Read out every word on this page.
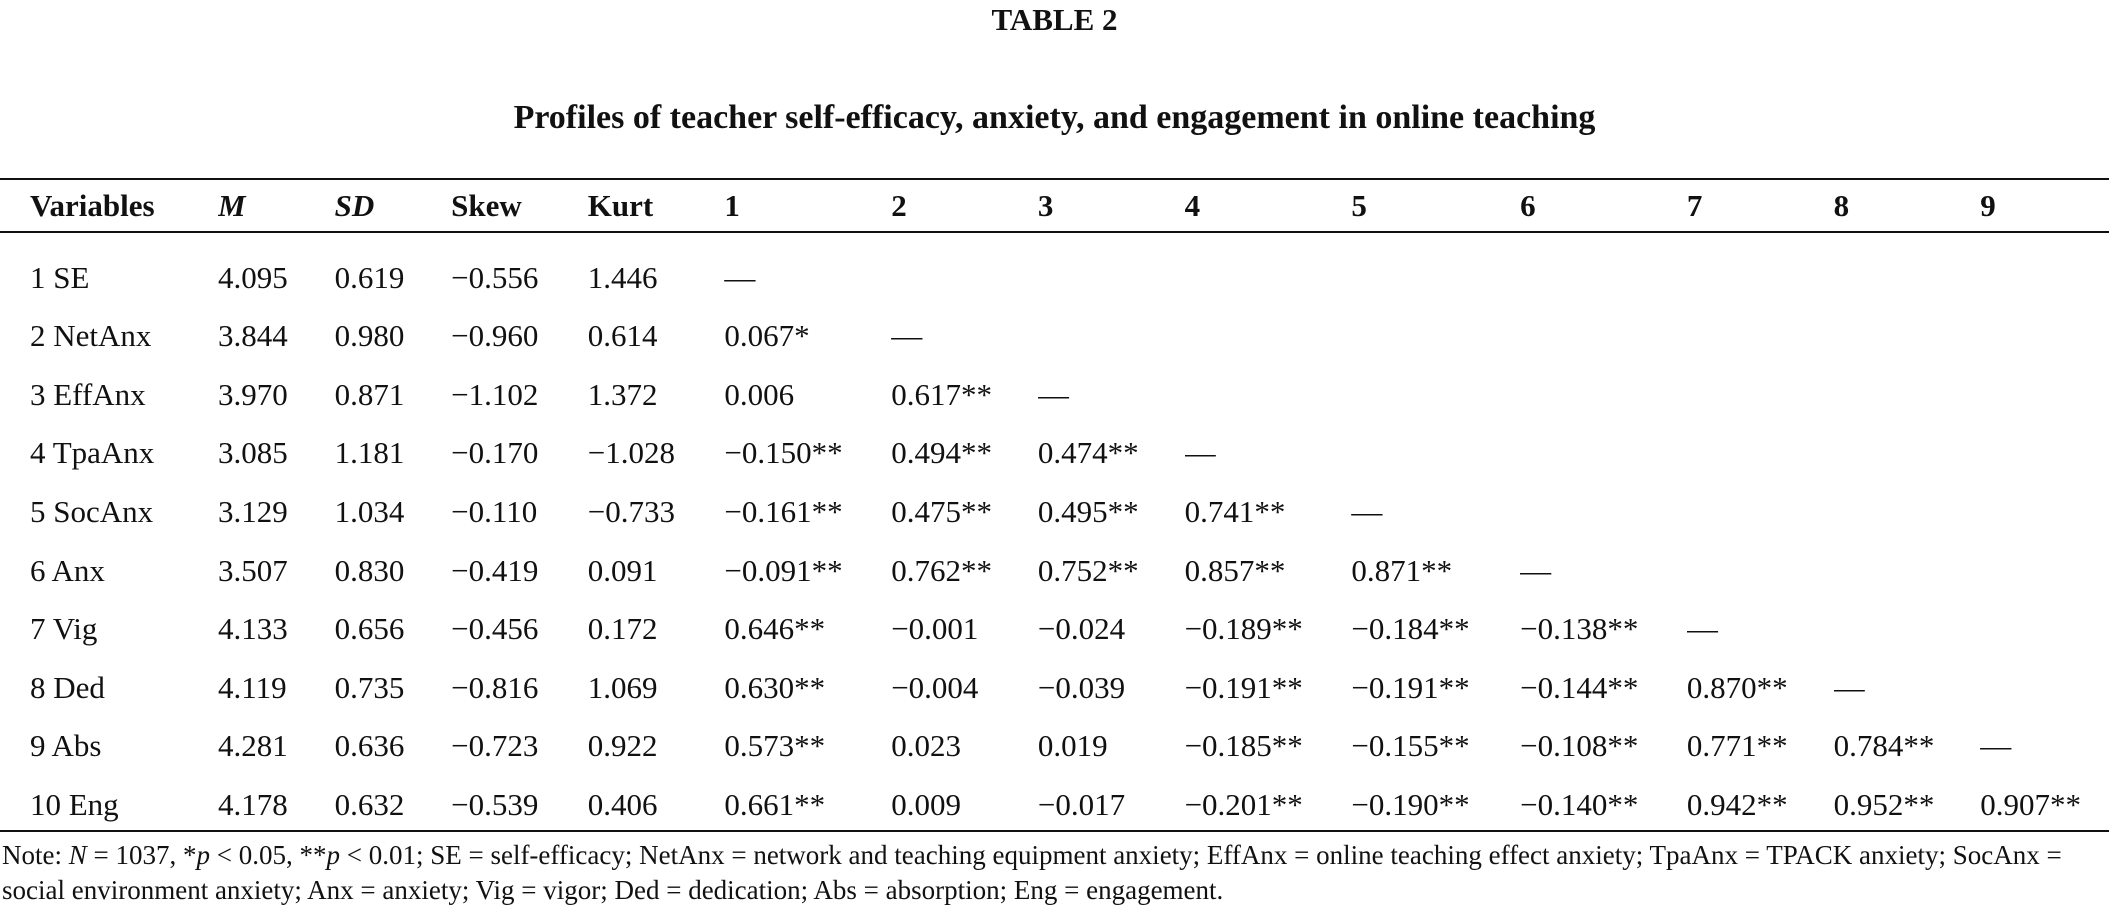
TABLE 2
Profiles of teacher self-efficacy, anxiety, and engagement in online teaching
Variables	M	SD	Skew	Kurt	1	2	3	4	5	6	7	8	9
1 SE	4.095	0.619	−0.556	1.446	—								
2 NetAnx	3.844	0.980	−0.960	0.614	0.067*	—							
3 EffAnx	3.970	0.871	−1.102	1.372	0.006	0.617**	—						
4 TpaAnx	3.085	1.181	−0.170	−1.028	−0.150**	0.494**	0.474**	—					
5 SocAnx	3.129	1.034	−0.110	−0.733	−0.161**	0.475**	0.495**	0.741**	—				
6 Anx	3.507	0.830	−0.419	0.091	−0.091**	0.762**	0.752**	0.857**	0.871**	—			
7 Vig	4.133	0.656	−0.456	0.172	0.646**	−0.001	−0.024	−0.189**	−0.184**	−0.138**	—		
8 Ded	4.119	0.735	−0.816	1.069	0.630**	−0.004	−0.039	−0.191**	−0.191**	−0.144**	0.870**	—	
9 Abs	4.281	0.636	−0.723	0.922	0.573**	0.023	0.019	−0.185**	−0.155**	−0.108**	0.771**	0.784**	—
10 Eng	4.178	0.632	−0.539	0.406	0.661**	0.009	−0.017	−0.201**	−0.190**	−0.140**	0.942**	0.952**	0.907**
Note: N = 1037, *p < 0.05, **p < 0.01; SE = self-efficacy; NetAnx = network and teaching equipment anxiety; EffAnx = online teaching effect anxiety; TpaAnx = TPACK anxiety; SocAnx = social environment anxiety; Anx = anxiety; Vig = vigor; Ded = dedication; Abs = absorption; Eng = engagement.
